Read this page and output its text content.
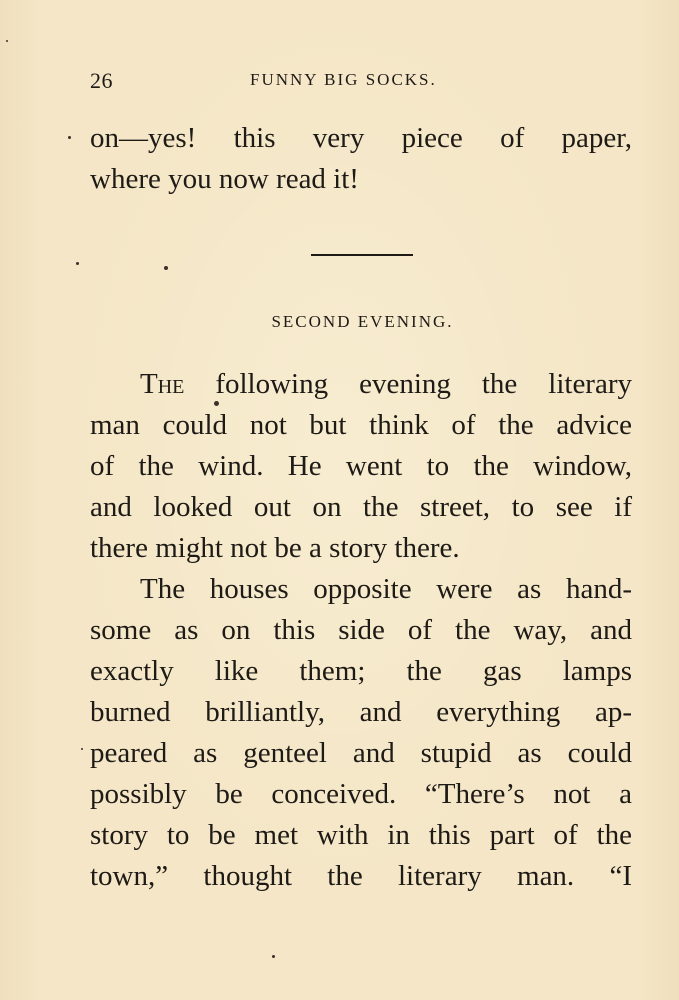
26	FUNNY BIG SOCKS.
on—yes! this very piece of paper,
where you now read it!
SECOND EVENING.
The following evening the literary
man could not but think of the advice
of the wind. He went to the window,
and looked out on the street, to see if
there might not be a story there.
The houses opposite were as hand-
some as on this side of the way, and
exactly like them; the gas lamps
burned brilliantly, and everything ap-
peared as genteel and stupid as could
possibly be conceived. “There’s not a
story to be met with in this part of the
town,” thought the literary man. “I
